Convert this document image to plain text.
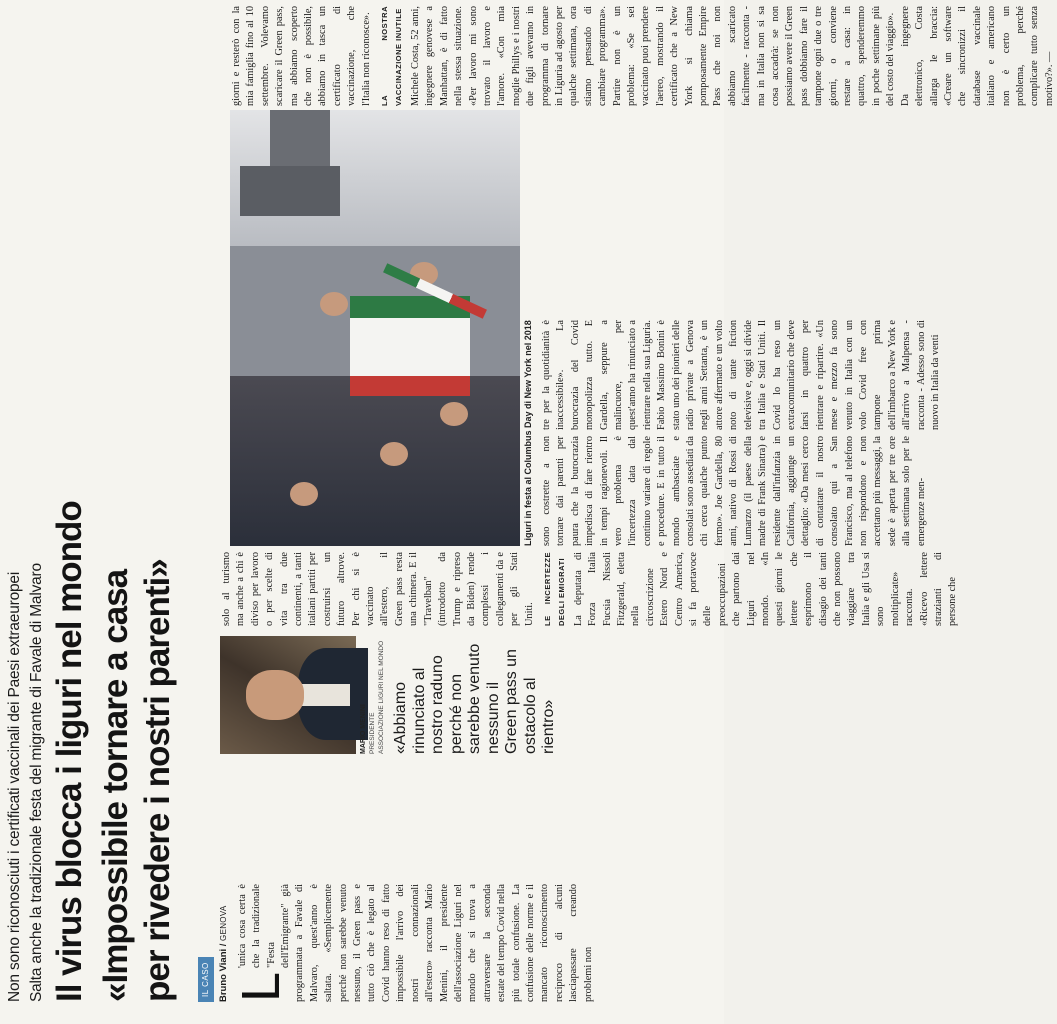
Non sono riconosciuti i certificati vaccinali dei Paesi extraeuropei Salta anche la tradizionale festa del migrante di Favale di Malvaro Il virus blocca i liguri nel mondo «Impossibile tornare a casa per rivedere i nostri parenti»	IL CASO Bruno Viani / GENOVA
L

'unica cosa certa è che la tradizionale "Festa dell'Emigrante" già programmata a Favale di Malvaro, quest'anno è saltata. «Semplicemente perché non sarebbe venuto nessuno, il Green pass e tutto ciò che è legato al Covid hanno reso di fatto impossibile l'arrivo dei nostri connazionali all'estero» racconta Mario Menini, il presidente dell'associazione Liguri nel mondo che si trova a attraversare la seconda estate del tempo Covid nella più totale confusione. La confusione delle norme e il mancato riconoscimento reciproco di alcuni lasciapassare creando problemi non

MARIO MENINI PRESIDENTE ASSOCIAZIONE LIGURI NEL MONDO «Abbiamo rinunciato al nostro raduno perché non sarebbe venuto nessuno il Green pass un ostacolo al rientro»

solo al turismo ma anche a chi è diviso per lavoro o per scelte di vita tra due continenti, a tanti italiani partiti per costruirsi un futuro altrove. Per chi si è vaccinato all'estero, il Green pass resta una chimera. E il "Travelban" (introdotto da Trump e ripreso da Biden) rende complessi i collegamenti da e per gli Stati Uniti.	LE INCERTEZZE DEGLI EMIGRATI La deputata di Forza Italia Fucsia Nissoli Fitzgerald, eletta nella circoscrizione Estero Nord e Centro America, si fa portavoce delle preoccupazioni che partono dai Liguri nel mondo. «In questi giorni le lettere che esprimono il disagio dei tanti che non possono viaggiare tra Italia e gli Usa si sono moltiplicate» racconta. «Ricevo lettere strazianti di persone che

Liguri in festa al Columbus Day di New York nel 2018 sono costrette a non tornare dai parenti per paura che la burocrazia impedisca di fare rientro in tempi ragionevoli. Il vero problema è l'incertezza data dal continuo variare di regole e procedure. E in tutto il mondo ambasciate e consolati sono assediati da chi cerca qualche punto fermo». Joe Gardella, 80 anni, nativo di Rossi di Lumarzo (il paese della madre di Frank Sinatra) e residente dall'infanzia in California, aggiunge un dettaglio: «Da mesi cerco di contattare il nostro consolato qui a San Francisco, ma al telefono non rispondono e non accettano più messaggi, la sede è aperta per tre ore alla settimana solo per le emergenze men-

tre per la quotidianità è inaccessibile». La burocrazia del Covid monopolizza tutto. E Gardella, seppure a malincuore, per quest'anno ha rinunciato a rientrare nella sua Liguria. Fabio Massimo Bonini è stato uno dei pionieri delle radio private a Genova negli anni Settanta, è un attore affermato e un volto noto di tante fiction televisive e, oggi si divide tra Italia e Stati Uniti. Il Covid lo ha reso un extracomunitario che deve farsi in quattro per rientrare e ripartire. «Un mese e mezzo fa sono venuto in Italia con un volo Covid free con tampone prima dell'imbarco a New York e all'arrivo a Malpensa - racconta - Adesso sono di nuovo in Italia da venti

giorni e resterò con la mia famiglia fino al 10 settembre. Volevamo scaricare il Green pass, ma abbiamo scoperto che non è possibile, abbiamo in tasca un certificato di vaccinazione, che l'Italia non riconosce».	LA NOSTRA VACCINAZIONE INUTILE Michele Costa, 52 anni, ingegnere genovese a Manhattan, è di fatto nella stessa situazione. «Per lavoro mi sono trovato il lavoro e l'amore. «Con mia moglie Phillys e i nostri due figli avevamo in programma di tornare in Liguria ad agosto per qualche settimana, ora stiamo pensando di cambiare programma». Partire non è un problema: «Se sei vaccinato puoi prendere l'aereo, mostrando il certificato che a New York si chiama pomposamente Empire Pass che noi non abbiamo scaricato facilmente - racconta - ma in Italia non si sa cosa accadrà: se non possiamo avere il Green pass dobbiamo fare il tampone ogni due o tre giorni, o conviene restare a casa: in quattro, spenderemmo in poche settimane più del costo del viaggio». Da ingegnere elettronico, Costa allarga le braccia: «Creare un software che sincronizzi il database vaccinale italiano e americano non è certo un problema, perché complicare tutto senza motivo?». —
